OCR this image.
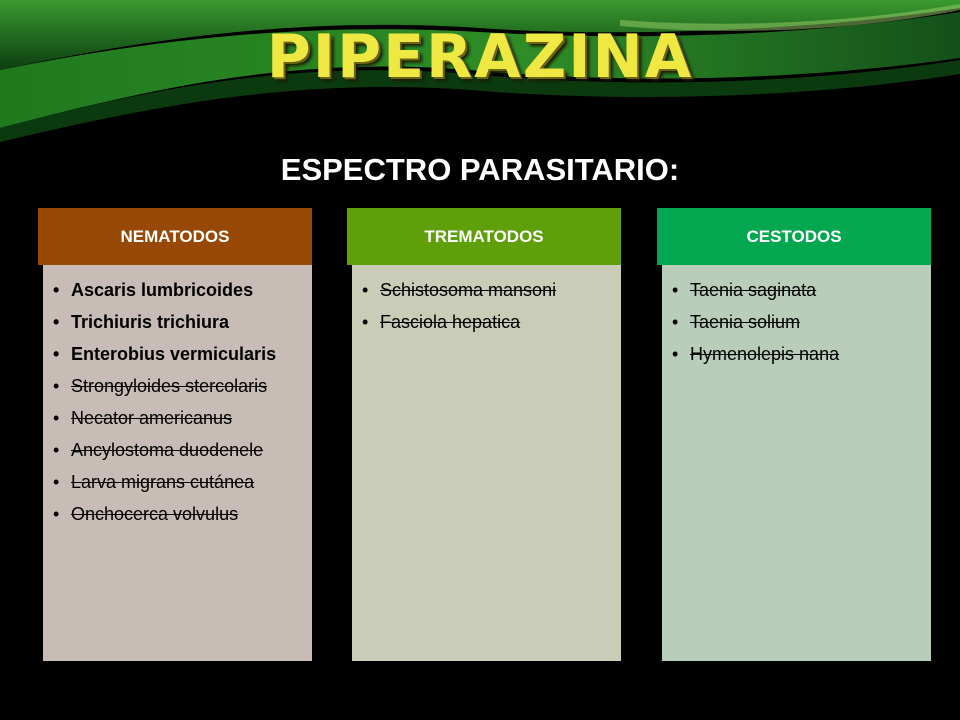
PIPERAZINA
ESPECTRO PARASITARIO:
NEMATODOS
• Ascaris lumbricoides
• Trichiuris trichiura
• Enterobius vermicularis
• Strongyloides stercolaris
• Necator americanus
• Ancylostoma duodenele
• Larva migrans cutánea
• Onchocerca volvulus
TREMATODOS
• Schistosoma mansoni
• Fasciola hepatica
CESTODOS
• Taenia saginata
• Taenia solium
• Hymenolepis nana
